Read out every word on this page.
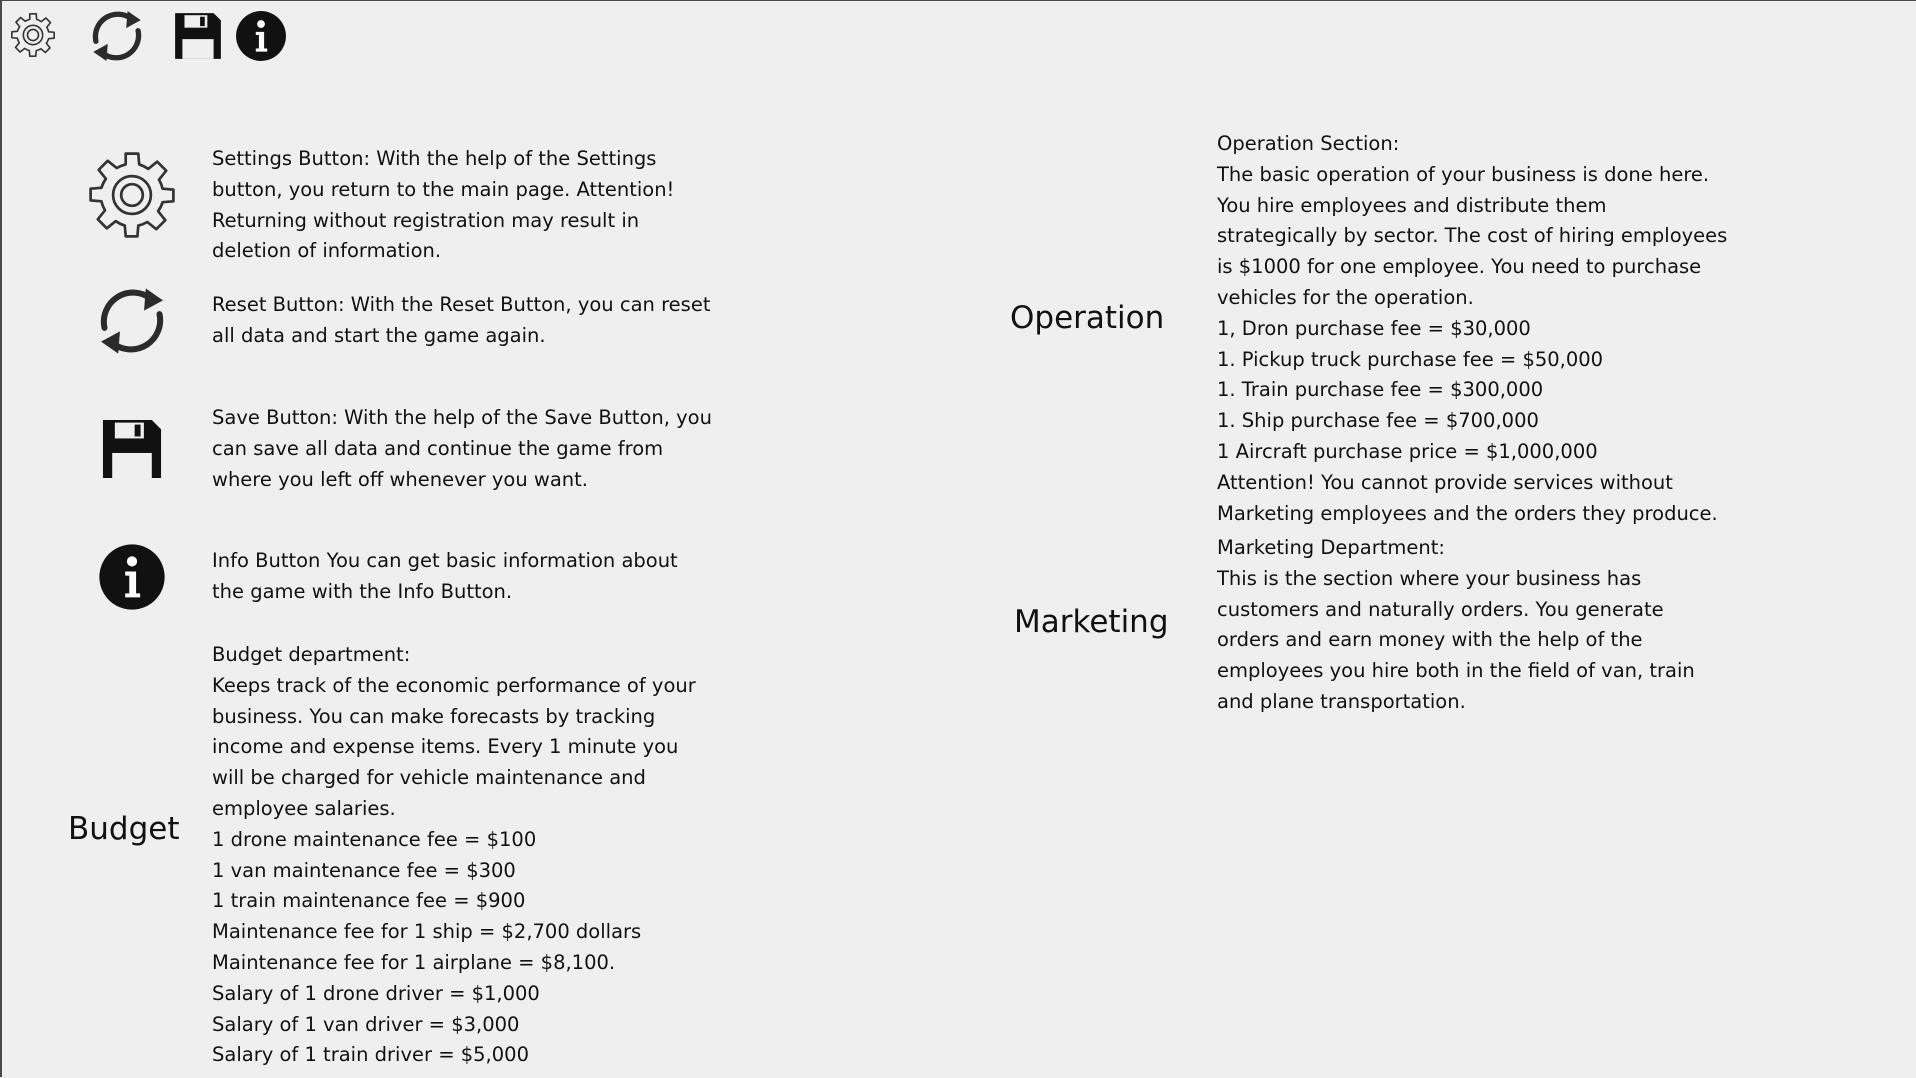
Settings Button: With the help of the Settings
button, you return to the main page. Attention!
Returning without registration may result in
deletion of information.
Reset Button: With the Reset Button, you can reset
all data and start the game again.
Save Button: With the help of the Save Button, you
can save all data and continue the game from
where you left off whenever you want.
Info Button You can get basic information about
the game with the Info Button.
Budget
Budget department:
Keeps track of the economic performance of your
business. You can make forecasts by tracking
income and expense items. Every 1 minute you
will be charged for vehicle maintenance and
employee salaries.
1 drone maintenance fee = $100
1 van maintenance fee = $300
1 train maintenance fee = $900
Maintenance fee for 1 ship = $2,700 dollars
Maintenance fee for 1 airplane = $8,100.
Salary of 1 drone driver = $1,000
Salary of 1 van driver = $3,000
Salary of 1 train driver = $5,000
Operation
Operation Section:
The basic operation of your business is done here.
You hire employees and distribute them
strategically by sector. The cost of hiring employees
is $1000 for one employee. You need to purchase
vehicles for the operation.
1, Dron purchase fee = $30,000
1. Pickup truck purchase fee = $50,000
1. Train purchase fee = $300,000
1. Ship purchase fee = $700,000
1 Aircraft purchase price = $1,000,000
Attention! You cannot provide services without
Marketing employees and the orders they produce.
Marketing
Marketing Department:
This is the section where your business has
customers and naturally orders. You generate
orders and earn money with the help of the
employees you hire both in the field of van, train
and plane transportation.
